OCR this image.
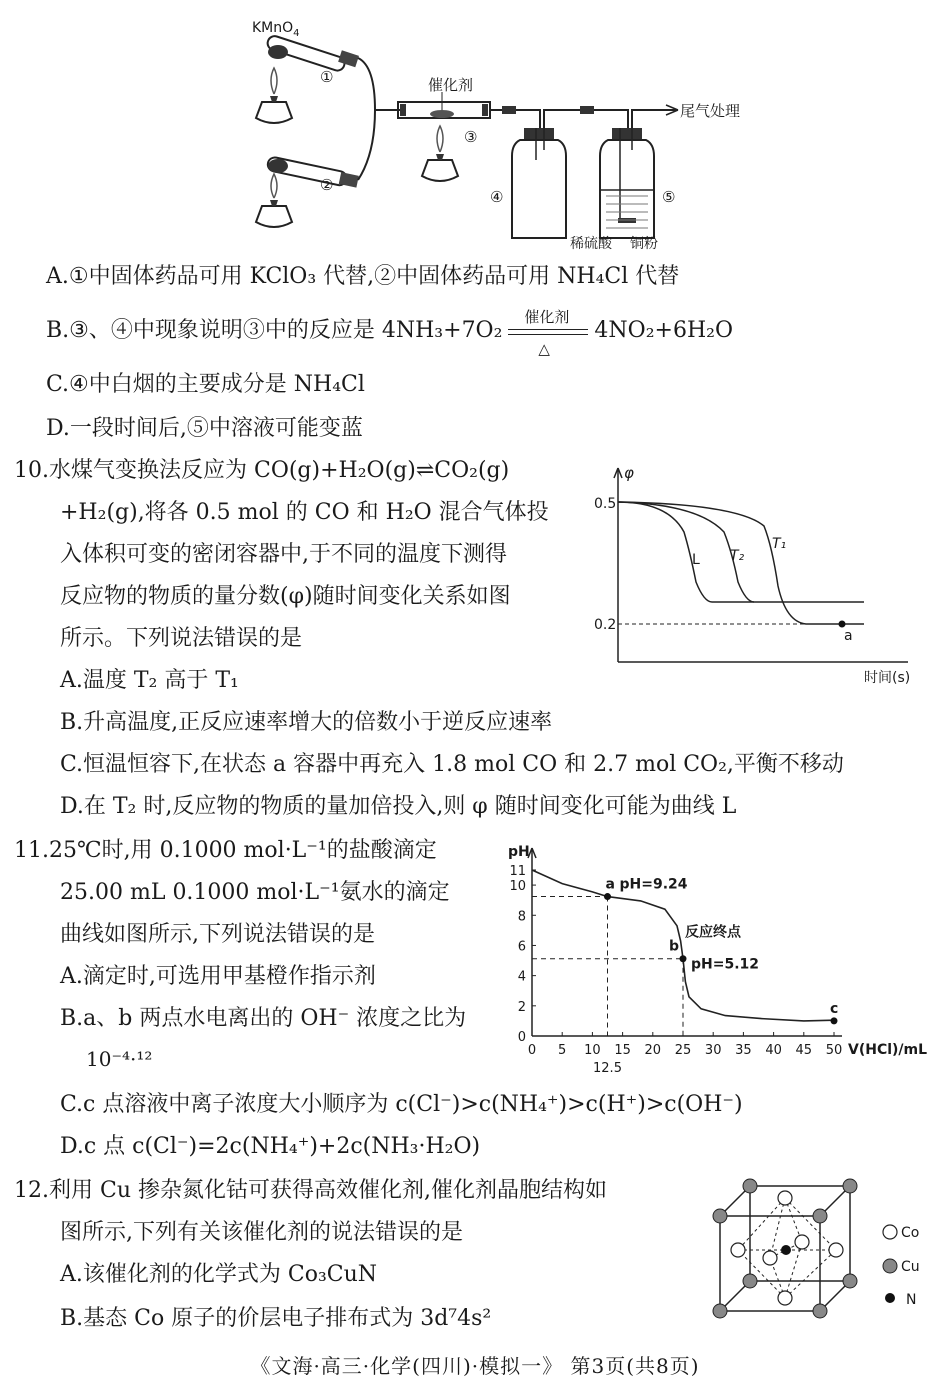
KMnO$_4$
①
②
催化剂
③
④	⑤
尾气处理
稀硫酸 铜粉
A.①中固体药品可用 KClO₃ 代替,②中固体药品可用 NH₄Cl 代替
B.③、④中现象说明③中的反应是 4NH₃+7O₂
催化剂
△
4NO₂+6H₂O
C.④中白烟的主要成分是 NH₄Cl
D.一段时间后,⑤中溶液可能变蓝
10.水煤气变换法反应为 CO(g)+H₂O(g)⇌CO₂(g)
+H₂(g),将各 0.5 mol 的 CO 和 H₂O 混合气体投
入体积可变的密闭容器中,于不同的温度下测得
反应物的物质的量分数(φ)随时间变化关系如图
所示。下列说法错误的是
A.温度 T₂ 高于 T₁
B.升高温度,正反应速率增大的倍数小于逆反应速率
C.恒温恒容下,在状态 a 容器中再充入 1.8 mol CO 和 2.7 mol CO₂,平衡不移动
D.在 T₂ 时,反应物的物质的量加倍投入,则 φ 随时间变化可能为曲线 L
φ
0.5
0.2
L T₂
T₁
a
时间(s)
11.25℃时,用 0.1000 mol·L⁻¹的盐酸滴定
25.00 mL 0.1000 mol·L⁻¹氨水的滴定
曲线如图所示,下列说法错误的是
A.滴定时,可选用甲基橙作指示剂
B.a、b 两点水电离出的 OH⁻ 浓度之比为
10⁻⁴·¹²
C.c 点溶液中离子浓度大小顺序为 c(Cl⁻)>c(NH₄⁺)>c(H⁺)>c(OH⁻)
D.c 点 c(Cl⁻)=2c(NH₄⁺)+2c(NH₃·H₂O)
pH
V(HCl)/mL
0 5 10 15 20 25 30 35 40 45 50
0
2
4
6
8
10
11
12.5
a pH=9.24
b
反应终点
pH=5.12
c
12.利用 Cu 掺杂氮化钴可获得高效催化剂,催化剂晶胞结构如
图所示,下列有关该催化剂的说法错误的是
A.该催化剂的化学式为 Co₃CuN
B.基态 Co 原子的价层电子排布式为 3d⁷4s²
Co
Cu
N
《文海·高三·化学(四川)·模拟一》 第3页(共8页)
